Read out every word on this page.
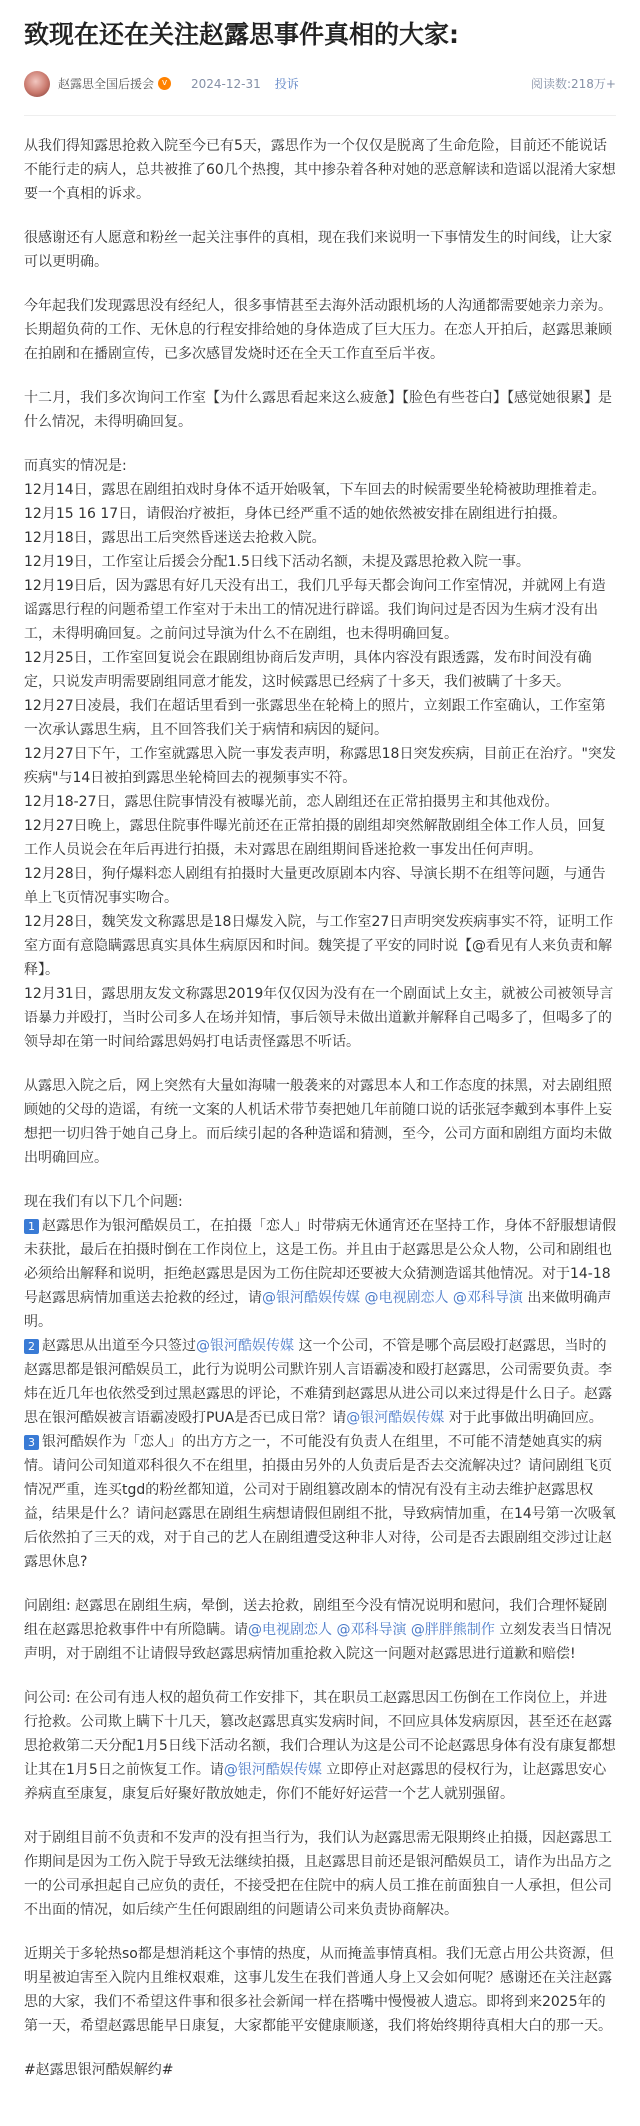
致现在还在关注赵露思事件真相的大家:
赵露思全国后援会 v	2024-12-31 投诉	阅读数:218万+

从我们得知露思抢救入院至今已有5天，露思作为一个仅仅是脱离了生命危险，目前还不能说话不能行走的病人，总共被推了60几个热搜，其中掺杂着各种对她的恶意解读和造谣以混淆大家想要一个真相的诉求。

很感谢还有人愿意和粉丝一起关注事件的真相，现在我们来说明一下事情发生的时间线，让大家可以更明确。

今年起我们发现露思没有经纪人，很多事情甚至去海外活动跟机场的人沟通都需要她亲力亲为。长期超负荷的工作、无休息的行程安排给她的身体造成了巨大压力。在恋人开拍后，赵露思兼顾在拍剧和在播剧宣传，已多次感冒发烧时还在全天工作直至后半夜。

十二月，我们多次询问工作室【为什么露思看起来这么疲惫】【脸色有些苍白】【感觉她很累】是什么情况，未得明确回复。

而真实的情况是:

12月14日，露思在剧组拍戏时身体不适开始吸氧，下车回去的时候需要坐轮椅被助理推着走。

12月15 16 17日，请假治疗被拒，身体已经严重不适的她依然被安排在剧组进行拍摄。

12月18日，露思出工后突然昏迷送去抢救入院。

12月19日，工作室让后援会分配1.5日线下活动名额，未提及露思抢救入院一事。

12月19日后，因为露思有好几天没有出工，我们几乎每天都会询问工作室情况，并就网上有造谣露思行程的问题希望工作室对于未出工的情况进行辟谣。我们询问过是否因为生病才没有出工，未得明确回复。之前问过导演为什么不在剧组，也未得明确回复。

12月25日，工作室回复说会在跟剧组协商后发声明，具体内容没有跟透露，发布时间没有确定，只说发声明需要剧组同意才能发，这时候露思已经病了十多天，我们被瞒了十多天。

12月27日凌晨，我们在超话里看到一张露思坐在轮椅上的照片，立刻跟工作室确认，工作室第一次承认露思生病，且不回答我们关于病情和病因的疑问。

12月27日下午，工作室就露思入院一事发表声明，称露思18日突发疾病，目前正在治疗。"突发疾病"与14日被拍到露思坐轮椅回去的视频事实不符。

12月18-27日，露思住院事情没有被曝光前，恋人剧组还在正常拍摄男主和其他戏份。

12月27日晚上，露思住院事件曝光前还在正常拍摄的剧组却突然解散剧组全体工作人员，回复工作人员说会在年后再进行拍摄，未对露思在剧组期间昏迷抢救一事发出任何声明。

12月28日，狗仔爆料恋人剧组有拍摄时大量更改原剧本内容、导演长期不在组等问题，与通告单上飞页情况事实吻合。

12月28日，魏笑发文称露思是18日爆发入院，与工作室27日声明突发疾病事实不符，证明工作室方面有意隐瞒露思真实具体生病原因和时间。魏笑提了平安的同时说【@看见有人来负责和解释】。

12月31日，露思朋友发文称露思2019年仅仅因为没有在一个剧面试上女主，就被公司被领导言语暴力并殴打，当时公司多人在场并知情，事后领导未做出道歉并解释自己喝多了，但喝多了的领导却在第一时间给露思妈妈打电话责怪露思不听话。

从露思入院之后，网上突然有大量如海啸一般袭来的对露思本人和工作态度的抹黑，对去剧组照顾她的父母的造谣，有统一文案的人机话术带节奏把她几年前随口说的话张冠李戴到本事件上妄想把一切归咎于她自己身上。而后续引起的各种造谣和猜测，至今，公司方面和剧组方面均未做出明确回应。

现在我们有以下几个问题:

1 赵露思作为银河酷娱员工，在拍摄「恋人」时带病无休通宵还在坚持工作，身体不舒服想请假未获批，最后在拍摄时倒在工作岗位上，这是工伤。并且由于赵露思是公众人物，公司和剧组也必须给出解释和说明，拒绝赵露思是因为工伤住院却还要被大众猜测造谣其他情况。对于14-18号赵露思病情加重送去抢救的经过，请@银河酷娱传媒 @电视剧恋人 @邓科导演 出来做明确声明。

2 赵露思从出道至今只签过@银河酷娱传媒 这一个公司，不管是哪个高层殴打赵露思，当时的赵露思都是银河酷娱员工，此行为说明公司默许别人言语霸凌和殴打赵露思，公司需要负责。李炜在近几年也依然受到过黑赵露思的评论，不难猜到赵露思从进公司以来过得是什么日子。赵露思在银河酷娱被言语霸凌殴打PUA是否已成日常？请@银河酷娱传媒 对于此事做出明确回应。

3 银河酷娱作为「恋人」的出方方之一，不可能没有负责人在组里，不可能不清楚她真实的病情。请问公司知道邓科很久不在组里，拍摄由另外的人负责后是否去交流解决过？请问剧组飞页情况严重，连买tgd的粉丝都知道，公司对于剧组篡改剧本的情况有没有主动去维护赵露思权益，结果是什么？请问赵露思在剧组生病想请假但剧组不批，导致病情加重，在14号第一次吸氧后依然拍了三天的戏，对于自己的艺人在剧组遭受这种非人对待，公司是否去跟剧组交涉过让赵露思休息?

问剧组: 赵露思在剧组生病，晕倒，送去抢救，剧组至今没有情况说明和慰问，我们合理怀疑剧组在赵露思抢救事件中有所隐瞒。请@电视剧恋人 @邓科导演 @胖胖熊制作 立刻发表当日情况声明，对于剧组不让请假导致赵露思病情加重抢救入院这一问题对赵露思进行道歉和赔偿!

问公司: 在公司有违人权的超负荷工作安排下，其在职员工赵露思因工伤倒在工作岗位上，并进行抢救。公司欺上瞒下十几天，篡改赵露思真实发病时间，不回应具体发病原因，甚至还在赵露思抢救第二天分配1月5日线下活动名额，我们合理认为这是公司不论赵露思身体有没有康复都想让其在1月5日之前恢复工作。请@银河酷娱传媒 立即停止对赵露思的侵权行为，让赵露思安心养病直至康复，康复后好聚好散放她走，你们不能好好运营一个艺人就别强留。

对于剧组目前不负责和不发声的没有担当行为，我们认为赵露思需无限期终止拍摄，因赵露思工作期间是因为工伤入院于导致无法继续拍摄，且赵露思目前还是银河酷娱员工，请作为出品方之一的公司承担起自己应负的责任，不接受把在住院中的病人员工推在前面独自一人承担，但公司不出面的情况，如后续产生任何跟剧组的问题请公司来负责协商解决。

近期关于多轮热so都是想消耗这个事情的热度，从而掩盖事情真相。我们无意占用公共资源，但明星被迫害至入院内且维权艰难，这事儿发生在我们普通人身上又会如何呢？感谢还在关注赵露思的大家，我们不希望这件事和很多社会新闻一样在搭嘴中慢慢被人遗忘。即将到来2025年的第一天，希望赵露思能早日康复，大家都能平安健康顺遂，我们将始终期待真相大白的那一天。

#赵露思银河酷娱解约#
